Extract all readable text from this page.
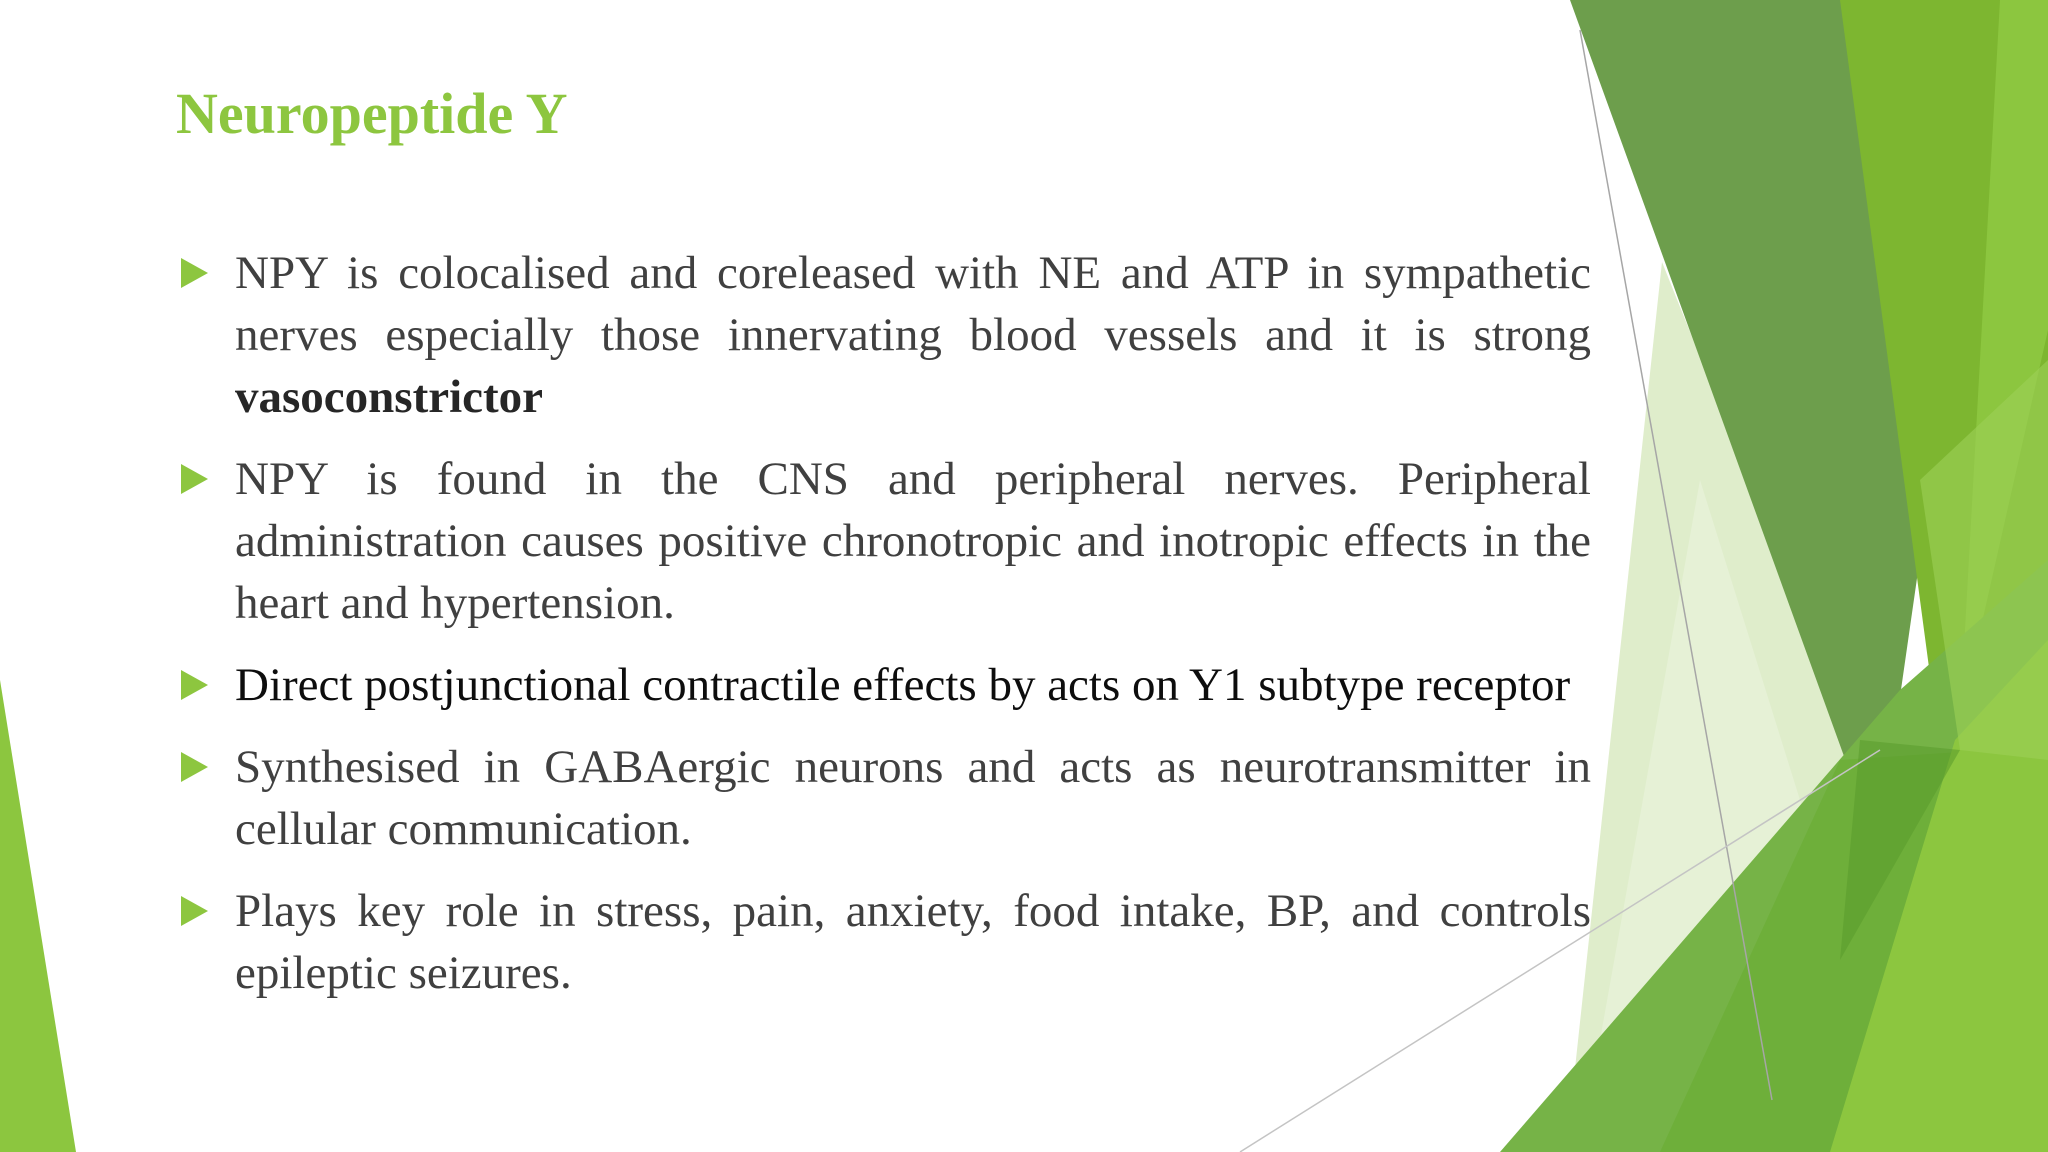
Neuropeptide Y
NPY is colocalised and coreleased with NE and ATP in sympathetic nerves especially those innervating blood vessels and it is strong vasoconstrictor
NPY is found in the CNS and peripheral nerves. Peripheral administration causes positive chronotropic and inotropic effects in the heart and hypertension.
Direct postjunctional contractile effects by acts on Y1 subtype receptor
Synthesised in GABAergic neurons and acts as neurotransmitter in cellular communication.
Plays key role in stress, pain, anxiety, food intake, BP, and controls epileptic seizures.
